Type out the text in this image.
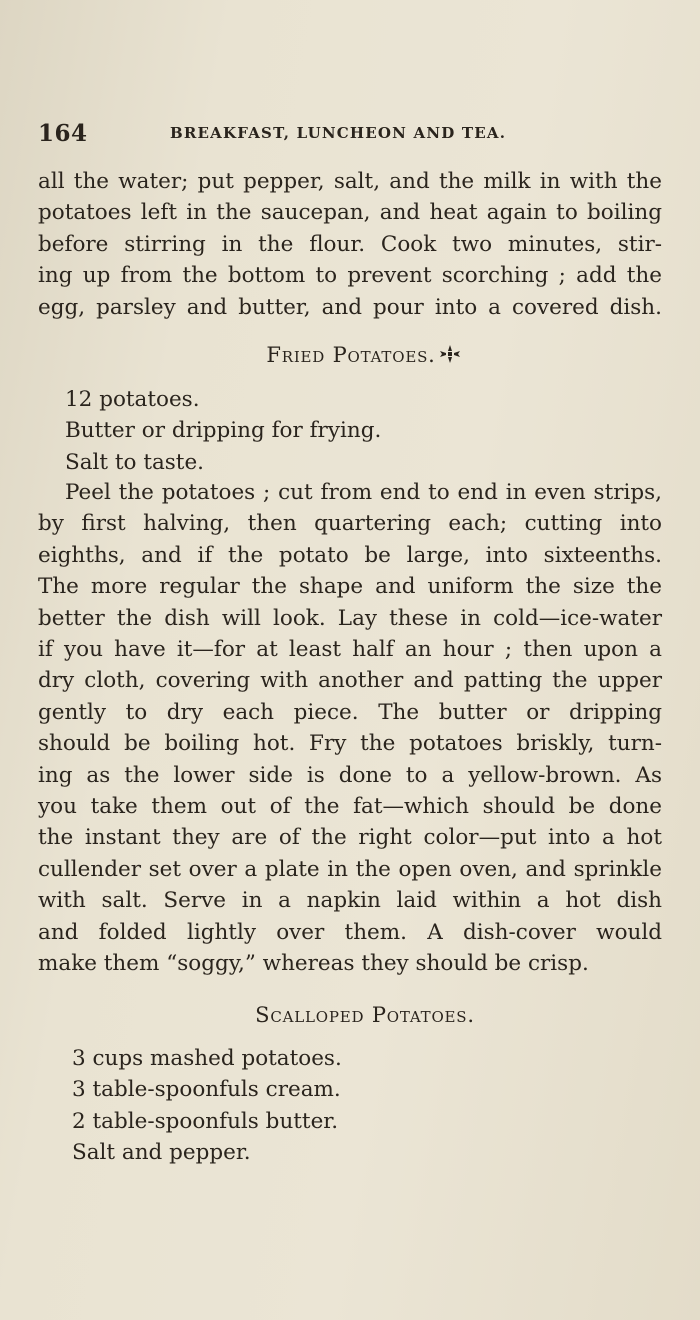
164	BREAKFAST, LUNCHEON AND TEA.
all the water; put pepper, salt, and the milk in with the
potatoes left in the saucepan, and heat again to boiling
before stirring in the flour. Cook two minutes, stir-
ing up from the bottom to prevent scorching ; add the
egg, parsley and butter, and pour into a covered dish.
Fried Potatoes.
12 potatoes.
Butter or dripping for frying.
Salt to taste.
Peel the potatoes ; cut from end to end in even strips,
by first halving, then quartering each; cutting into
eighths, and if the potato be large, into sixteenths.
The more regular the shape and uniform the size the
better the dish will look. Lay these in cold—ice-water
if you have it—for at least half an hour ; then upon a
dry cloth, covering with another and patting the upper
gently to dry each piece. The butter or dripping
should be boiling hot. Fry the potatoes briskly, turn-
ing as the lower side is done to a yellow-brown. As
you take them out of the fat—which should be done
the instant they are of the right color—put into a hot
cullender set over a plate in the open oven, and sprinkle
with salt. Serve in a napkin laid within a hot dish
and folded lightly over them. A dish-cover would
make them “soggy,” whereas they should be crisp.
Scalloped Potatoes.
3 cups mashed potatoes.
3 table-spoonfuls cream.
2 table-spoonfuls butter.
Salt and pepper.
